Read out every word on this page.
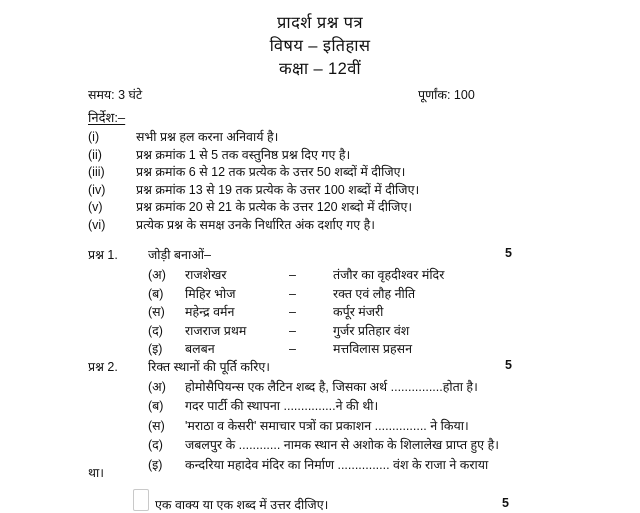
प्रादर्श प्रश्न पत्र
विषय – इतिहास
कक्षा – 12वीं
समय: 3 घंटे	पूर्णांक: 100
निर्देश:–
(i)	सभी प्रश्न हल करना अनिवार्य है।
(ii)	प्रश्न क्रमांक 1 से 5 तक वस्तुनिष्ठ प्रश्न दिए गए है।
(iii)	प्रश्न क्रमांक 6 से 12 तक प्रत्येक के उत्तर 50 शब्दों में दीजिए।
(iv)	प्रश्न क्रमांक 13 से 19 तक प्रत्येक के उत्तर 100 शब्दों में दीजिए।
(v)	प्रश्न क्रमांक 20 से 21 के प्रत्येक के उत्तर 120 शब्दो में दीजिए।
(vi)	प्रत्येक प्रश्न के समक्ष उनके निर्धारित अंक दर्शाए गए है।
प्रश्न 1.	जोड़ी बनाओं–	5
(अ)	राजशेखर	–	तंजौर का वृहदीश्वर मंदिर
(ब)	मिहिर भोज	–	रक्त एवं लौह नीति
(स)	महेन्द्र वर्मन	–	कर्पूर मंजरी
(द)	राजराज प्रथम	–	गुर्जर प्रतिहार वंश
(इ)	बलबन	–	मत्तविलास प्रहसन
प्रश्न 2.	रिक्त स्थानों की पूर्ति करिए।	5
(अ)	होमोसैपियन्स एक लैटिन शब्द है, जिसका अर्थ ...............होता है।
(ब)	गदर पार्टी की स्थापना ...............ने की थी।
(स)	'मराठा व केसरी' समाचार पत्रों का प्रकाशन ............... ने किया।
(द)	जबलपुर के ............ नामक स्थान से अशोक के शिलालेख प्राप्त हुए है।
(इ)	कन्दरिया महादेव मंदिर का निर्माण ............... वंश के राजा ने कराया
था।
एक वाक्य या एक शब्द में उत्तर दीजिए।	5
